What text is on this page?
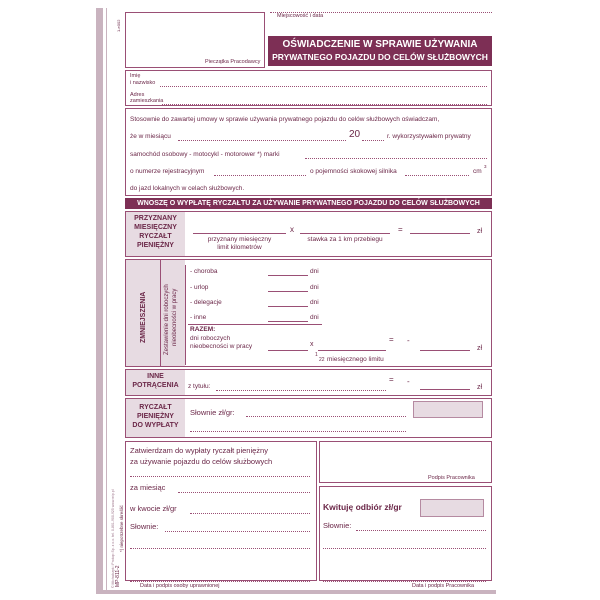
© Michalczyk i Prokop Sp. z o.o. tel. 0-801-900-925 www.mip.pl MP-811-2
*) niepotrzebne skreślić
1-e002
Pieczątka Pracodawcy
Miejscowość i data
OŚWIADCZENIE W SPRAWIE UŻYWANIA
PRYWATNEGO POJAZDU DO CELÓW SŁUŻBOWYCH
Imię
i nazwisko
Adres
zamieszkania
Stosownie do zawartej umowy w sprawie używania prywatnego pojazdu do celów służbowych oświadczam,
że w miesiącu	20	r. wykorzystywałem prywatny
samochód osobowy - motocykl - motorower *) marki
o numerze rejestracyjnym	o pojemności skokowej silnika	cm
3
do jazd lokalnych w celach służbowych.
WNOSZĘ O WYPŁATĘ RYCZAŁTU ZA UŻYWANIE PRYWATNEGO POJAZDU DO CELÓW SŁUŻBOWYCH
PRZYZNANY
MIESIĘCZNY
RYCZAŁT
PIENIĘŻNY
x	=	zł
przyznany miesięczny
limit kilometrów
stawka za 1 km przebiegu
ZMNIEJSZENIA	Zestawienie dni roboczych nieobecności w pracy
- choroba	dni
- urlop	dni
- delegacje	dni
- inne	dni
RAZEM:
dni roboczych
nieobecności w pracy	x
= -
zł
1
22 miesięcznego limitu
INNE
POTRĄCENIA	z tytułu:
= -
zł
RYCZAŁT
PIENIĘŻNY
DO WYPŁATY
Słownie zł/gr:
Zatwierdzam do wypłaty ryczałt pieniężny
za używanie pojazdu do celów służbowych
za miesiąc
w kwocie zł/gr
Słownie:
Data i podpis osoby uprawnionej
Podpis Pracownika
Kwituję odbiór zł/gr
Słownie:
Data i podpis Pracownika
